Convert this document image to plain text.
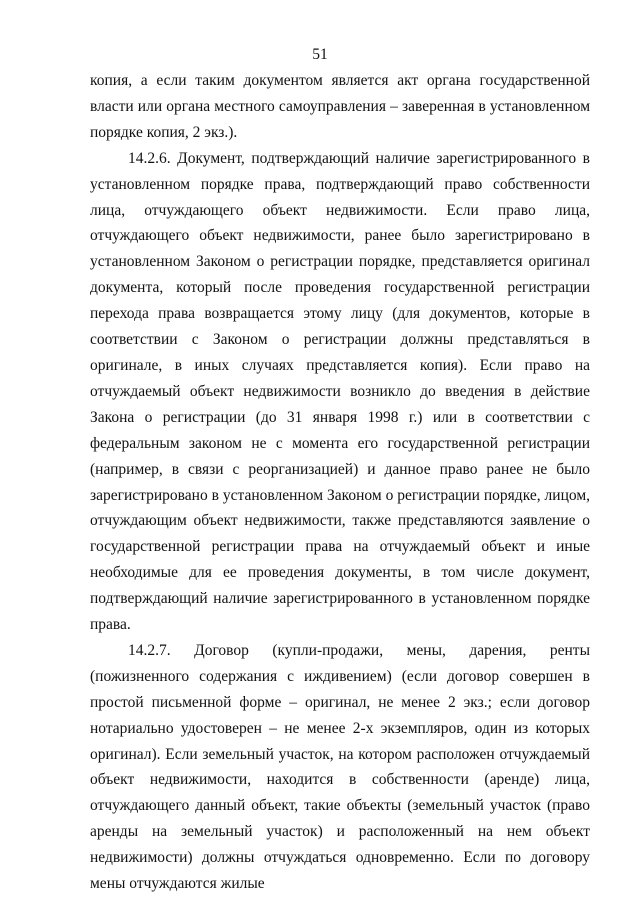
51

копия, а если таким документом является акт органа государственной власти или органа местного самоуправления – заверенная в установленном порядке копия, 2 экз.).

14.2.6. Документ, подтверждающий наличие зарегистрированного в установленном порядке права, подтверждающий право собственности лица, отчуждающего объект недвижимости. Если право лица, отчуждающего объект недвижимости, ранее было зарегистрировано в установленном Законом о регистрации порядке, представляется оригинал документа, который после проведения государственной регистрации перехода права возвращается этому лицу (для документов, которые в соответствии с Законом о регистрации должны представляться в оригинале, в иных случаях представляется копия). Если право на отчуждаемый объект недвижимости возникло до введения в действие Закона о регистрации (до 31 января 1998 г.) или в соответствии с федеральным законом не с момента его государственной регистрации (например, в связи с реорганизацией) и данное право ранее не было зарегистрировано в установленном Законом о регистрации порядке, лицом, отчуждающим объект недвижимости, также представляются заявление о государственной регистрации права на отчуждаемый объект и иные необходимые для ее проведения документы, в том числе документ, подтверждающий наличие зарегистрированного в установленном порядке права.

14.2.7. Договор (купли-продажи, мены, дарения, ренты (пожизненного содержания с иждивением) (если договор совершен в простой письменной форме – оригинал, не менее 2 экз.; если договор нотариально удостоверен – не менее 2-х экземпляров, один из которых оригинал). Если земельный участок, на котором расположен отчуждаемый объект недвижимости, находится в собственности (аренде) лица, отчуждающего данный объект, такие объекты (земельный участок (право аренды на земельный участок) и расположенный на нем объект недвижимости) должны отчуждаться одновременно. Если по договору мены отчуждаются жилые
